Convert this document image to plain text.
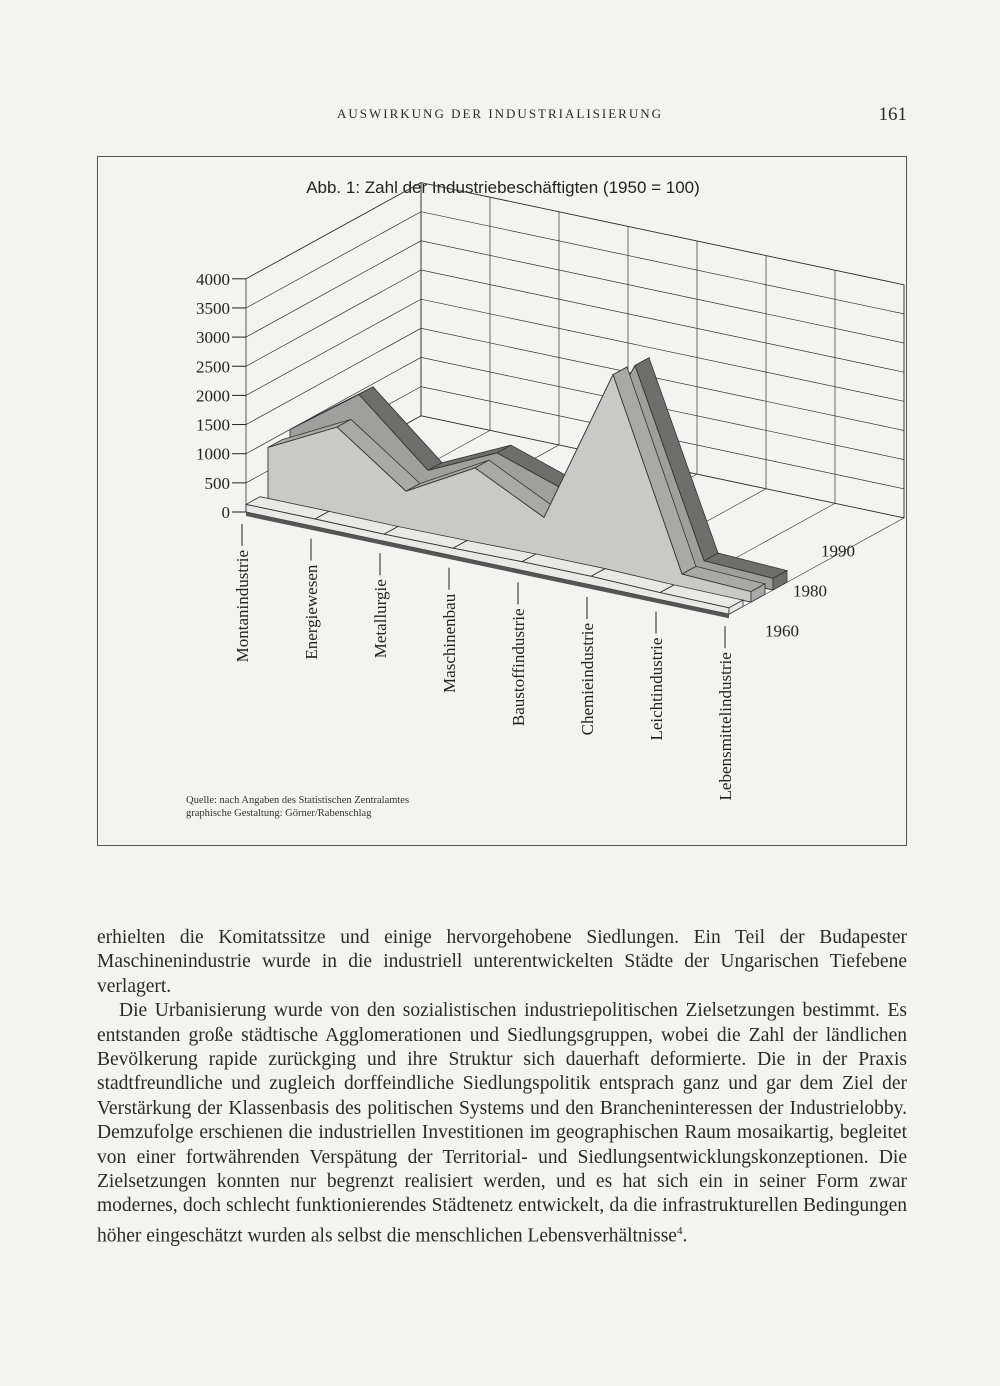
AUSWIRKUNG DER INDUSTRIALISIERUNG	161
Abb. 1: Zahl der Industriebeschäftigten (1950 = 100)
0
500
1000
1500
2000
2500
3000
3500
4000
Montanindustrie	Energiewesen	Metallurgie	Maschinenbau	Baustoffindustrie	Chemieindustrie	Leichtindustrie	Lebensmittelindustrie
1960
1980
1990
Quelle: nach Angaben des Statistischen Zentralamtes
graphische Gestaltung: Görner/Rabenschlag

erhielten die Komitatssitze und einige hervorgehobene Siedlungen. Ein Teil der Budapester Maschinenindustrie wurde in die industriell unterentwickelten Städte der Ungarischen Tiefebene verlagert.

Die Urbanisierung wurde von den sozialistischen industriepolitischen Zielsetzungen bestimmt. Es entstanden große städtische Agglomerationen und Siedlungsgruppen, wobei die Zahl der ländlichen Bevölkerung rapide zurückging und ihre Struktur sich dauerhaft deformierte. Die in der Praxis stadtfreundliche und zugleich dorffeindliche Siedlungspolitik entsprach ganz und gar dem Ziel der Verstärkung der Klassenbasis des politischen Systems und den Brancheninteressen der Industrielobby. Demzufolge erschienen die industriellen Investitionen im geographischen Raum mosaikartig, begleitet von einer fortwährenden Verspätung der Territorial- und Siedlungsentwicklungskonzeptionen. Die Zielsetzungen konnten nur begrenzt realisiert werden, und es hat sich ein in seiner Form zwar modernes, doch schlecht funktionierendes Städtenetz entwickelt, da die infrastrukturellen Bedingungen höher eingeschätzt wurden als selbst die menschlichen Lebensverhältnisse$^4$.
